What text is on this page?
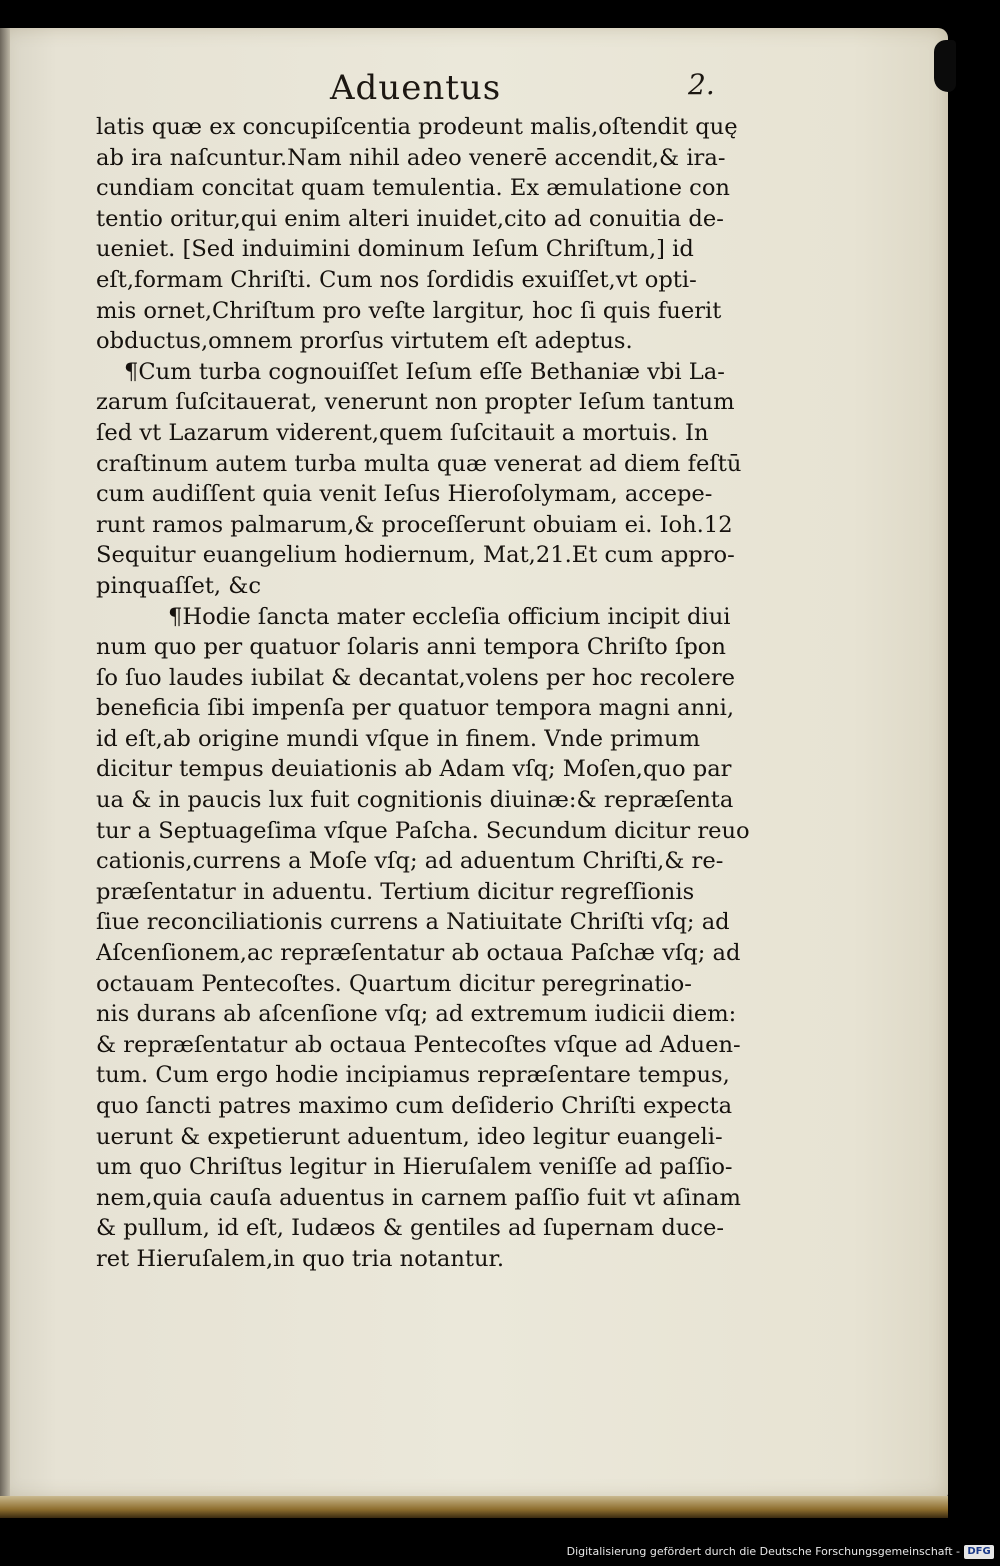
Aduentus	2.
latis quæ ex concupiſcentia prodeunt malis,oſtendit quę
ab ira naſcuntur.Nam nihil adeo venerē accendit,& ira-
cundiam concitat quam temulentia. Ex æmulatione con
tentio oritur,qui enim alteri inuidet,cito ad conuitia de-
ueniet. [Sed induimini dominum Ieſum Chriſtum,] id
eſt,formam Chriſti. Cum nos ſordidis exuiſſet,vt opti-
mis ornet,Chriſtum pro veſte largitur, hoc ſi quis fuerit
obductus,omnem prorſus virtutem eſt adeptus.
¶Cum turba cognouiſſet Ieſum eſſe Bethaniæ vbi La-
zarum ſuſcitauerat, venerunt non propter Ieſum tantum
ſed vt Lazarum viderent,quem ſuſcitauit a mortuis. In
craſtinum autem turba multa quæ venerat ad diem feſtū
cum audiſſent quia venit Ieſus Hieroſolymam, accepe-
runt ramos palmarum,& proceſſerunt obuiam ei. Ioh.12
Sequitur euangelium hodiernum, Mat,21.Et cum appro-
pinquaſſet, &c
¶Hodie ſancta mater eccleſia officium incipit diui
num quo per quatuor ſolaris anni tempora Chriſto ſpon
ſo ſuo laudes iubilat & decantat,volens per hoc recolere
beneficia ſibi impenſa per quatuor tempora magni anni,
id eſt,ab origine mundi vſque in finem. Vnde primum
dicitur tempus deuiationis ab Adam vſq; Moſen,quo par
ua & in paucis lux fuit cognitionis diuinæ:& repræſenta
tur a Septuageſima vſque Paſcha. Secundum dicitur reuo
cationis,currens a Moſe vſq; ad aduentum Chriſti,& re-
præſentatur in aduentu. Tertium dicitur regreſſionis
ſiue reconciliationis currens a Natiuitate Chriſti vſq; ad
Aſcenſionem,ac repræſentatur ab octaua Paſchæ vſq; ad
octauam Pentecoſtes. Quartum dicitur peregrinatio-
nis durans ab aſcenſione vſq; ad extremum iudicii diem:
& repræſentatur ab octaua Pentecoſtes vſque ad Aduen-
tum. Cum ergo hodie incipiamus repræſentare tempus,
quo ſancti patres maximo cum deſiderio Chriſti expecta
uerunt & expetierunt aduentum, ideo legitur euangeli-
um quo Chriſtus legitur in Hieruſalem veniſſe ad paſſio-
nem,quia cauſa aduentus in carnem paſſio fuit vt aſinam
& pullum, id eſt, Iudæos & gentiles ad ſupernam duce-
ret Hieruſalem,in quo tria notantur.
Digitalisierung gefördert durch die Deutsche Forschungsgemeinschaft - DFG
